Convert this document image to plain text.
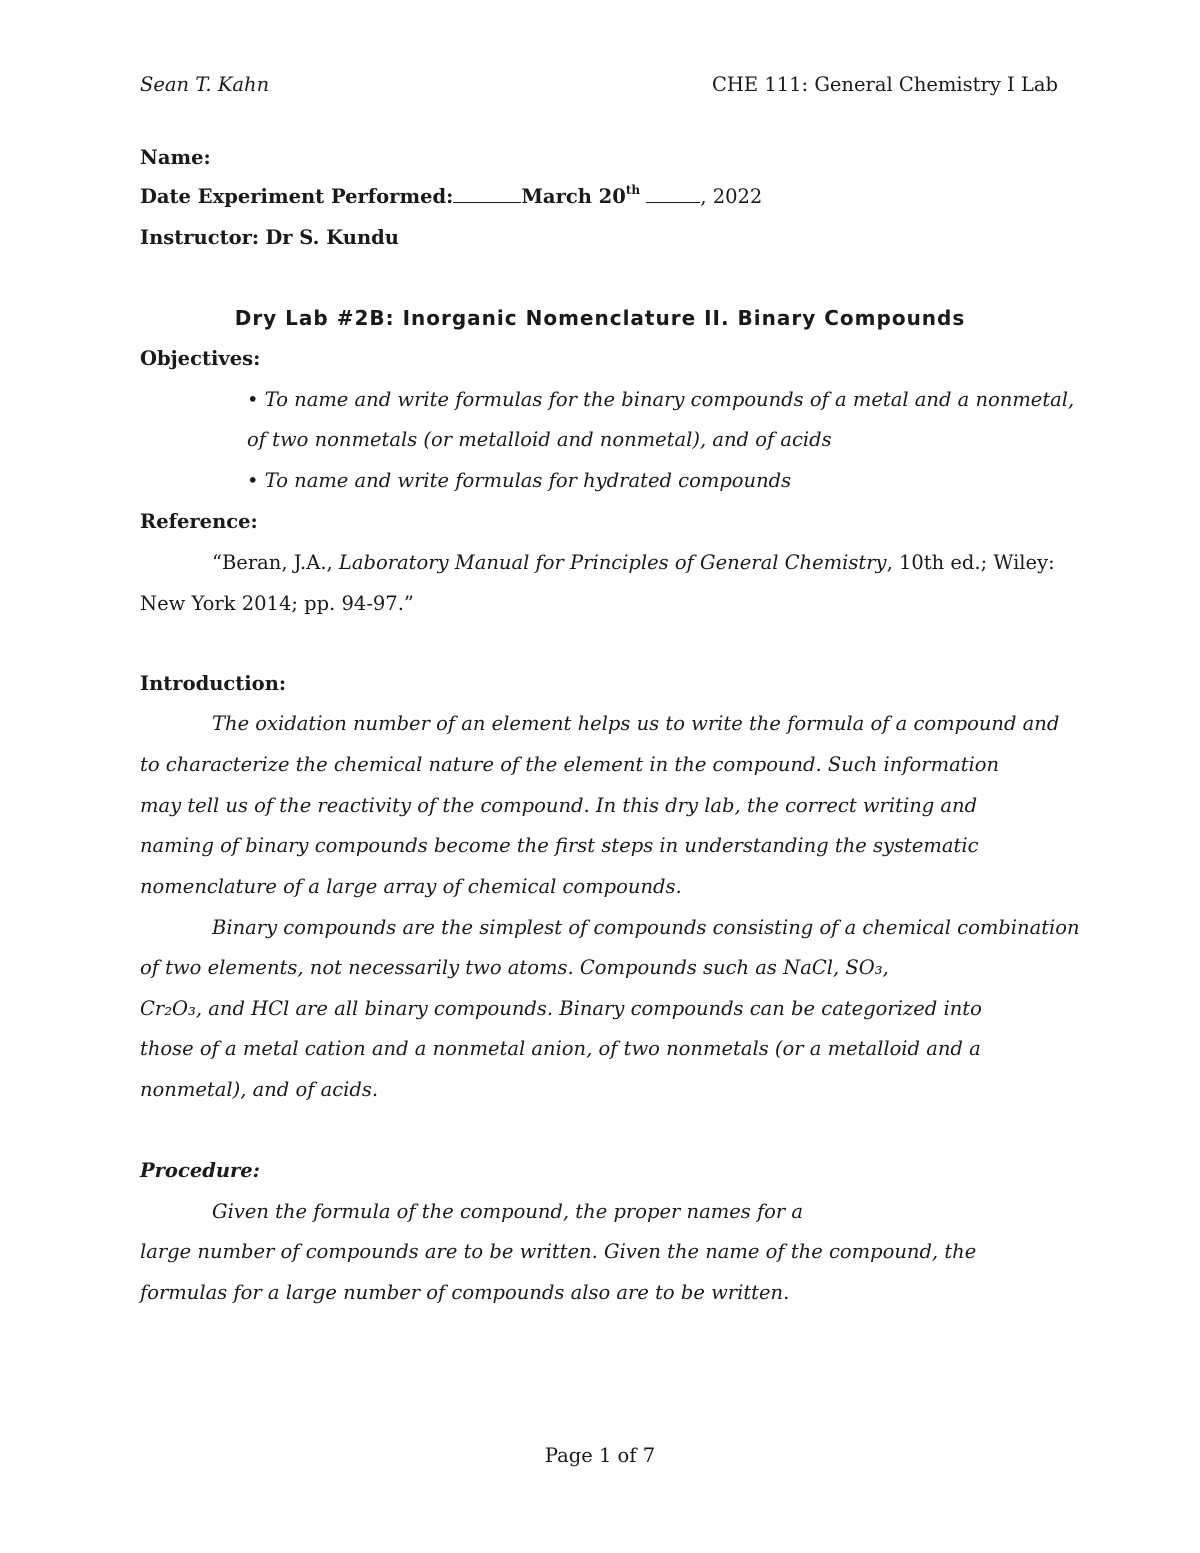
Sean T. Kahn	CHE 111: General Chemistry I Lab
Name:
Date Experiment Performed:	March 20th	, 2022
Instructor: Dr S. Kundu
Dry Lab #2B: Inorganic Nomenclature II. Binary Compounds
Objectives:
• To name and write formulas for the binary compounds of a metal and a nonmetal,
of two nonmetals (or metalloid and nonmetal), and of acids
• To name and write formulas for hydrated compounds
Reference:
“Beran, J.A., Laboratory Manual for Principles of General Chemistry, 10th ed.; Wiley:
New York 2014; pp. 94-97.”
Introduction:
The oxidation number of an element helps us to write the formula of a compound and
to characterize the chemical nature of the element in the compound. Such information
may tell us of the reactivity of the compound. In this dry lab, the correct writing and
naming of binary compounds become the first steps in understanding the systematic
nomenclature of a large array of chemical compounds.
Binary compounds are the simplest of compounds consisting of a chemical combination
of two elements, not necessarily two atoms. Compounds such as NaCl, SO₃,
Cr₂O₃, and HCl are all binary compounds. Binary compounds can be categorized into
those of a metal cation and a nonmetal anion, of two nonmetals (or a metalloid and a
nonmetal), and of acids.
Procedure:
Given the formula of the compound, the proper names for a
large number of compounds are to be written. Given the name of the compound, the
formulas for a large number of compounds also are to be written.
Page 1 of 7
